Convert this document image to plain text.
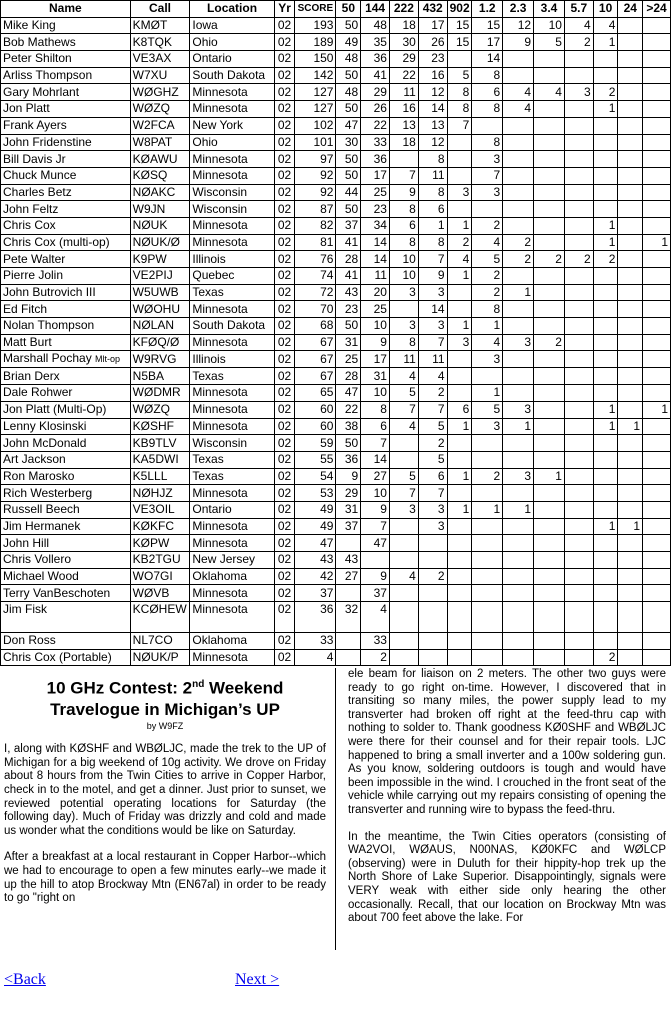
Name	Call	Location	Yr	SCORE	50	144	222	432	902	1.2	2.3	3.4	5.7	10	24	>24
Mike King	KMØT	Iowa	02	193	50	48	18	17	15	15	12	10	4	4		
Bob Mathews	K8TQK	Ohio	02	189	49	35	30	26	15	17	9	5	2	1		
Peter Shilton	VE3AX	Ontario	02	150	48	36	29	23		14						
Arliss Thompson	W7XU	South Dakota	02	142	50	41	22	16	5	8						
Gary Mohrlant	WØGHZ	Minnesota	02	127	48	29	11	12	8	6	4	4	3	2		
Jon Platt	WØZQ	Minnesota	02	127	50	26	16	14	8	8	4			1		
Frank Ayers	W2FCA	New York	02	102	47	22	13	13	7							
John Fridenstine	W8PAT	Ohio	02	101	30	33	18	12		8						
Bill Davis Jr	KØAWU	Minnesota	02	97	50	36		8		3						
Chuck Munce	KØSQ	Minnesota	02	92	50	17	7	11		7						
Charles Betz	NØAKC	Wisconsin	02	92	44	25	9	8	3	3						
John Feltz	W9JN	Wisconsin	02	87	50	23	8	6								
Chris Cox	NØUK	Minnesota	02	82	37	34	6	1	1	2				1		
Chris Cox (multi-op)	NØUK/Ø	Minnesota	02	81	41	14	8	8	2	4	2			1		1
Pete Walter	K9PW	Illinois	02	76	28	14	10	7	4	5	2	2	2	2		
Pierre Jolin	VE2PIJ	Quebec	02	74	41	11	10	9	1	2						
John Butrovich III	W5UWB	Texas	02	72	43	20	3	3		2	1					
Ed Fitch	WØOHU	Minnesota	02	70	23	25		14		8						
Nolan Thompson	NØLAN	South Dakota	02	68	50	10	3	3	1	1						
Matt Burt	KFØQ/Ø	Minnesota	02	67	31	9	8	7	3	4	3	2				
Marshall Pochay Mlt-op	W9RVG	Illinois	02	67	25	17	11	11		3						
Brian Derx	N5BA	Texas	02	67	28	31	4	4								
Dale Rohwer	WØDMR	Minnesota	02	65	47	10	5	2		1						
Jon Platt (Multi-Op)	WØZQ	Minnesota	02	60	22	8	7	7	6	5	3			1		1
Lenny Klosinski	KØSHF	Minnesota	02	60	38	6	4	5	1	3	1			1	1	
John McDonald	KB9TLV	Wisconsin	02	59	50	7		2								
Art Jackson	KA5DWI	Texas	02	55	36	14		5								
Ron Marosko	K5LLL	Texas	02	54	9	27	5	6	1	2	3	1				
Rich Westerberg	NØHJZ	Minnesota	02	53	29	10	7	7								
Russell Beech	VE3OIL	Ontario	02	49	31	9	3	3	1	1	1					
Jim Hermanek	KØKFC	Minnesota	02	49	37	7		3						1	1	
John Hill	KØPW	Minnesota	02	47		47										
Chris Vollero	KB2TGU	New Jersey	02	43	43											
Michael Wood	WO7GI	Oklahoma	02	42	27	9	4	2								
Terry VanBeschoten	WØVB	Minnesota	02	37		37										
Jim Fisk	KCØHEW	Minnesota	02	36	32	4										
Don Ross	NL7CO	Oklahoma	02	33		33										
Chris Cox (Portable)	NØUK/P	Minnesota	02	4		2								2		
10 GHz Contest: 2nd Weekend Travelogue in Michigan’s UP
by W9FZ

I, along with KØSHF and WBØLJC, made the trek to the UP of Michigan for a big weekend of 10g activity. We drove on Friday about 8 hours from the Twin Cities to arrive in Copper Harbor, check in to the motel, and get a dinner. Just prior to sunset, we reviewed potential operating locations for Saturday (the following day). Much of Friday was drizzly and cold and made us wonder what the conditions would be like on Saturday.

After a breakfast at a local restaurant in Copper Harbor--which we had to encourage to open a few minutes early--we made it up the hill to atop Brockway Mtn (EN67al) in order to be ready to go "right on

ele beam for liaison on 2 meters. The other two guys were ready to go right on-time. However, I discovered that in transiting so many miles, the power supply lead to my transverter had broken off right at the feed-thru cap with nothing to solder to. Thank goodness KØ0SHF and WBØLJC were there for their counsel and for their repair tools. LJC happened to bring a small inverter and a 100w soldering gun. As you know, soldering outdoors is tough and would have been impossible in the wind. I crouched in the front seat of the vehicle while carrying out my repairs consisting of opening the transverter and running wire to bypass the feed-thru.

In the meantime, the Twin Cities operators (consisting of WA2VOI, WØAUS, N00NAS, KØ0KFC and WØLCP (observing) were in Duluth for their hippity-hop trek up the North Shore of Lake Superior. Disappointingly, signals were VERY weak with either side only hearing the other occasionally. Recall, that our location on Brockway Mtn was about 700 feet above the lake. For

<Back	Next >
